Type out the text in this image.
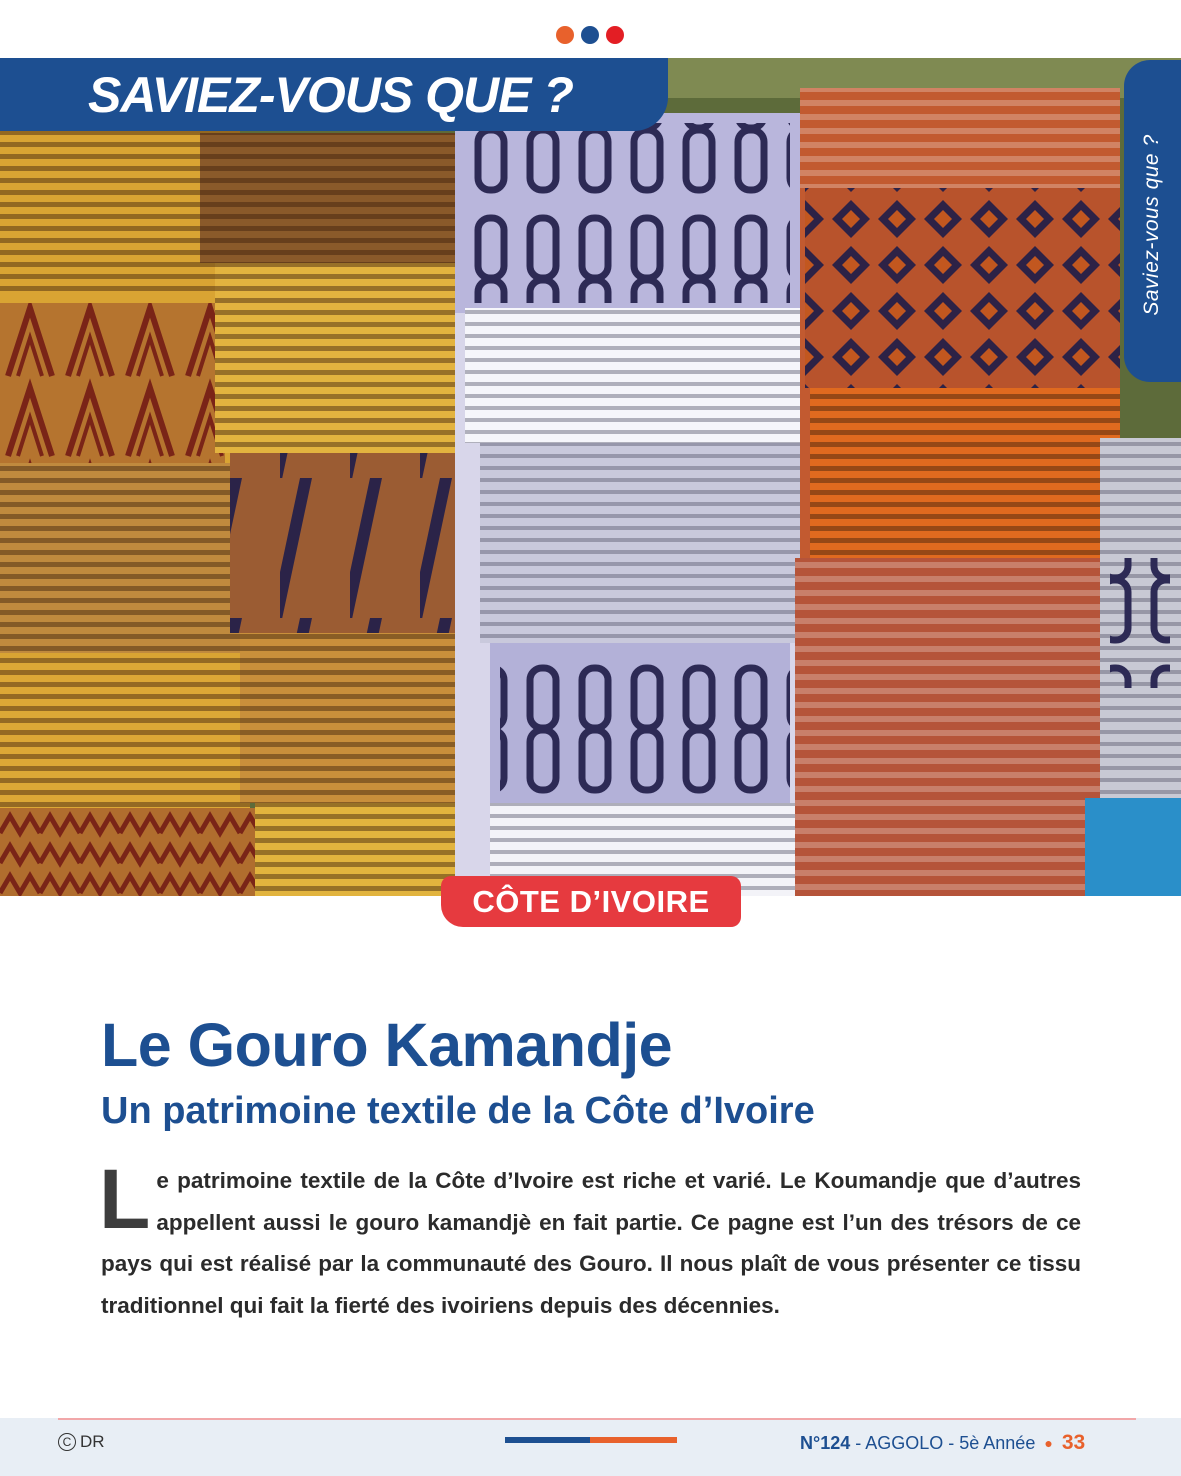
SAVIEZ-VOUS QUE ?
Saviez-vous que ?
CÔTE D’IVOIRE
Le Gouro Kamandje
Un patrimoine textile de la Côte d’Ivoire

Le patrimoine textile de la Côte d’Ivoire est riche et varié. Le Koumandje que d’autres appellent aussi le gouro kamandjè en fait partie. Ce pagne est l’un des trésors de ce pays qui est réalisé par la communauté des Gouro. Il nous plaît de vous présenter ce tissu traditionnel qui fait la fierté des ivoiriens depuis des décennies.

C DR	N°124 - AGGOLO - 5è Année ● 33
